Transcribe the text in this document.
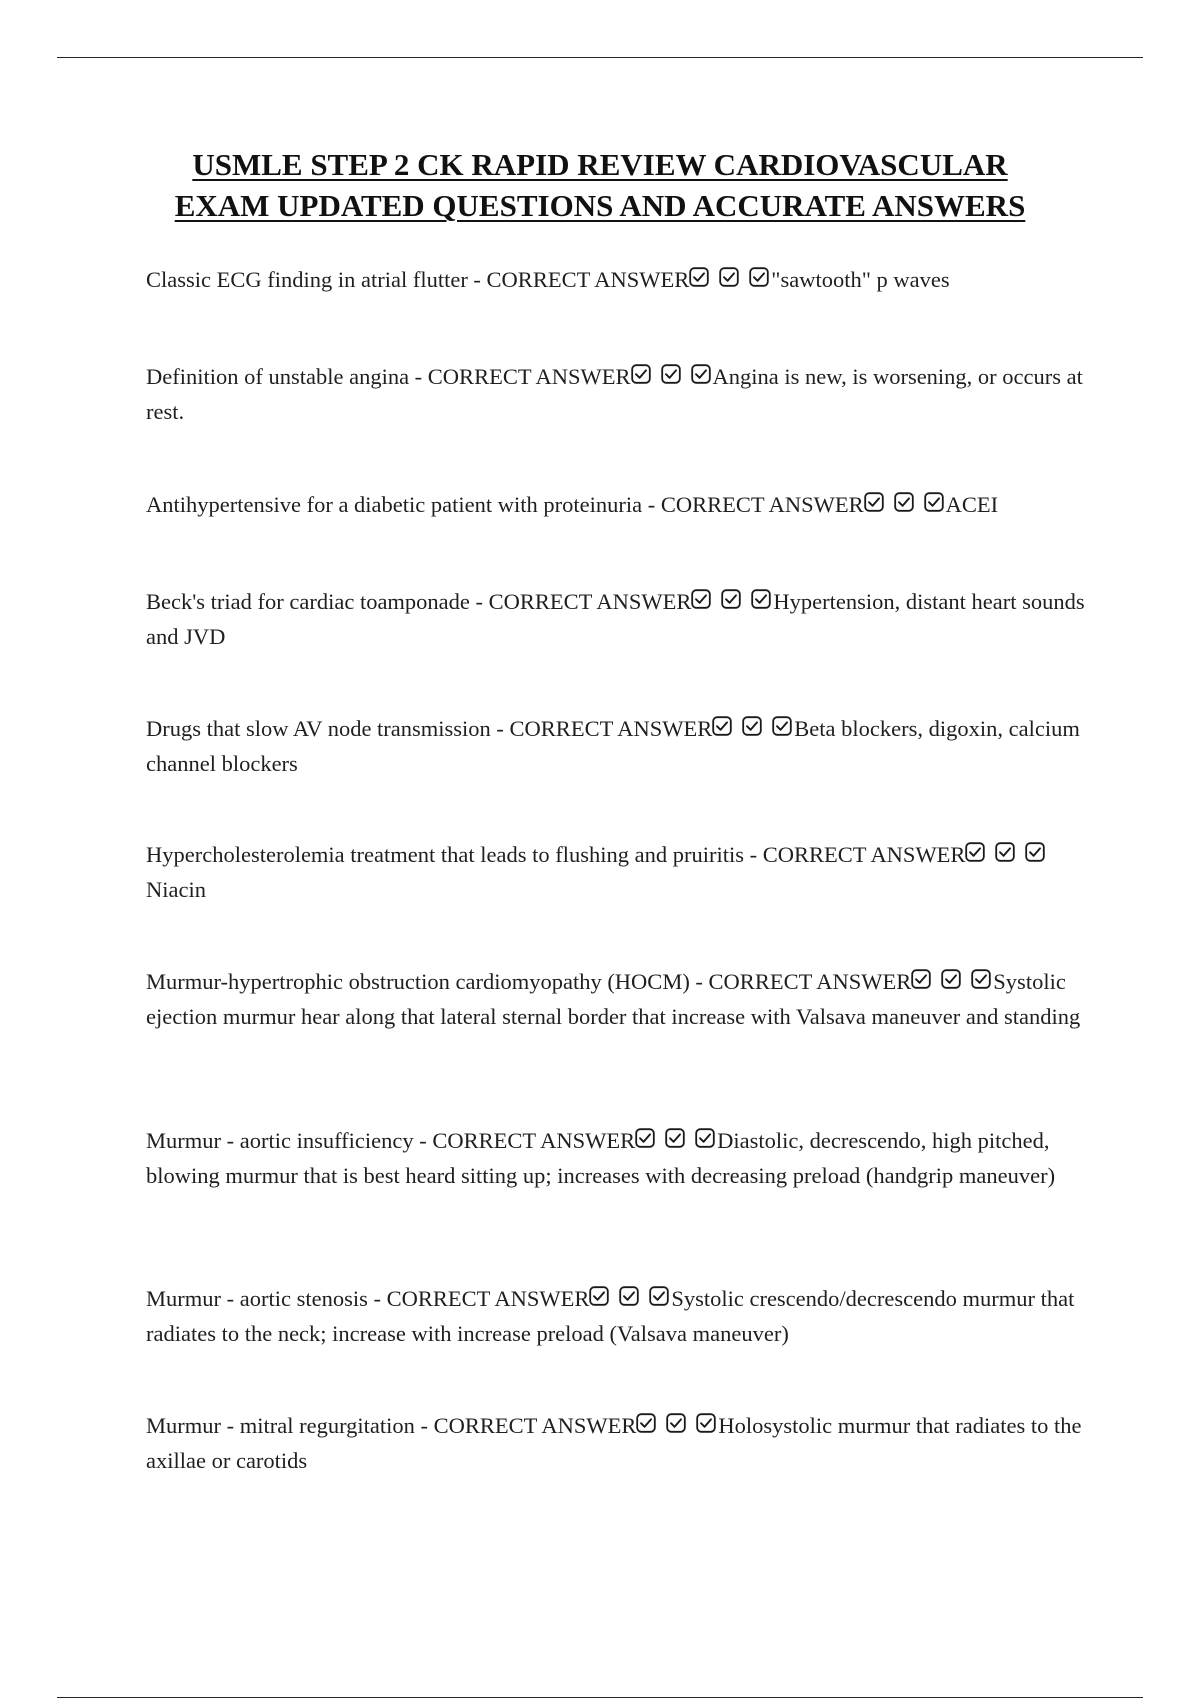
USMLE STEP 2 CK RAPID REVIEW CARDIOVASCULAR
EXAM UPDATED QUESTIONS AND ACCURATE ANSWERS

Classic ECG finding in atrial flutter - CORRECT ANSWER	"sawtooth" p waves

Definition of unstable angina - CORRECT ANSWER	Angina is new, is worsening, or occurs at rest.

Antihypertensive for a diabetic patient with proteinuria - CORRECT ANSWER	ACEI

Beck's triad for cardiac toamponade - CORRECT ANSWER	Hypertension, distant heart sounds and JVD

Drugs that slow AV node transmission - CORRECT ANSWER	Beta blockers, digoxin, calcium channel blockers

Hypercholesterolemia treatment that leads to flushing and pruiritis - CORRECT ANSWERNiacin

Murmur-hypertrophic obstruction cardiomyopathy (HOCM) - CORRECT ANSWER	Systolic ejection murmur hear along that lateral sternal border that increase with Valsava maneuver and standing

Murmur - aortic insufficiency - CORRECT ANSWER	Diastolic, decrescendo, high pitched, blowing murmur that is best heard sitting up; increases with decreasing preload (handgrip maneuver)

Murmur - aortic stenosis - CORRECT ANSWER	Systolic crescendo/decrescendo murmur that radiates to the neck; increase with increase preload (Valsava maneuver)

Murmur - mitral regurgitation - CORRECT ANSWER	Holosystolic murmur that radiates to the axillae or carotids
